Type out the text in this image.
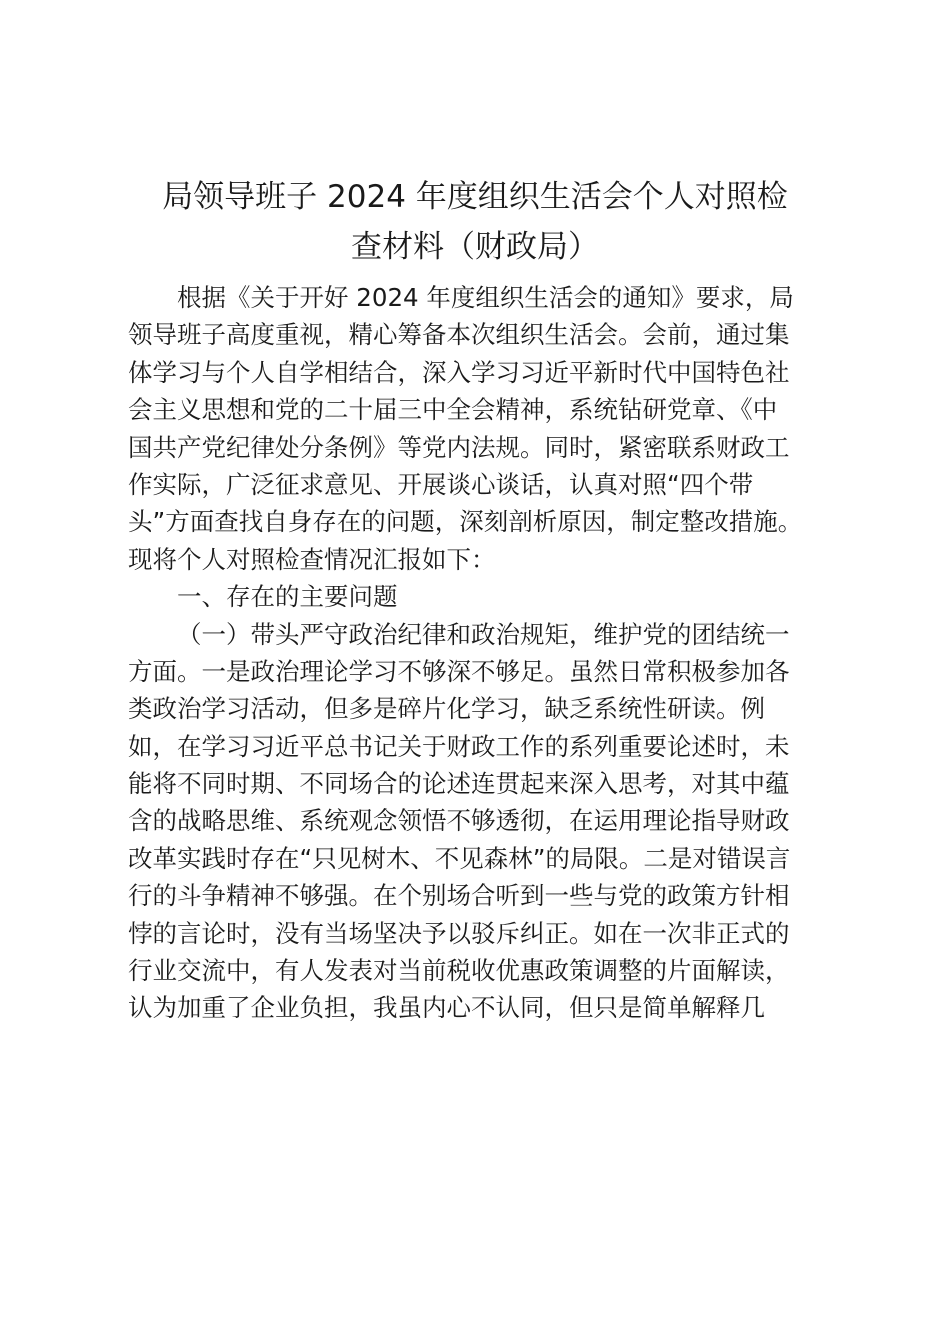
局领导班子 2024 年度组织生活会个人对照检
查材料（财政局）
根据《关于开好 2024 年度组织生活会的通知》要求，局
领导班子高度重视，精心筹备本次组织生活会。会前，通过集
体学习与个人自学相结合，深入学习习近平新时代中国特色社
会主义思想和党的二十届三中全会精神，系统钻研党章、《中
国共产党纪律处分条例》等党内法规。同时，紧密联系财政工
作实际，广泛征求意见、开展谈心谈话，认真对照“四个带
头”方面查找自身存在的问题，深刻剖析原因，制定整改措施。
现将个人对照检查情况汇报如下：
一、存在的主要问题
（一）带头严守政治纪律和政治规矩，维护党的团结统一
方面。一是政治理论学习不够深不够足。虽然日常积极参加各
类政治学习活动，但多是碎片化学习，缺乏系统性研读。例
如，在学习习近平总书记关于财政工作的系列重要论述时，未
能将不同时期、不同场合的论述连贯起来深入思考，对其中蕴
含的战略思维、系统观念领悟不够透彻，在运用理论指导财政
改革实践时存在“只见树木、不见森林”的局限。二是对错误言
行的斗争精神不够强。在个别场合听到一些与党的政策方针相
悖的言论时，没有当场坚决予以驳斥纠正。如在一次非正式的
行业交流中，有人发表对当前税收优惠政策调整的片面解读，
认为加重了企业负担，我虽内心不认同，但只是简单解释几
